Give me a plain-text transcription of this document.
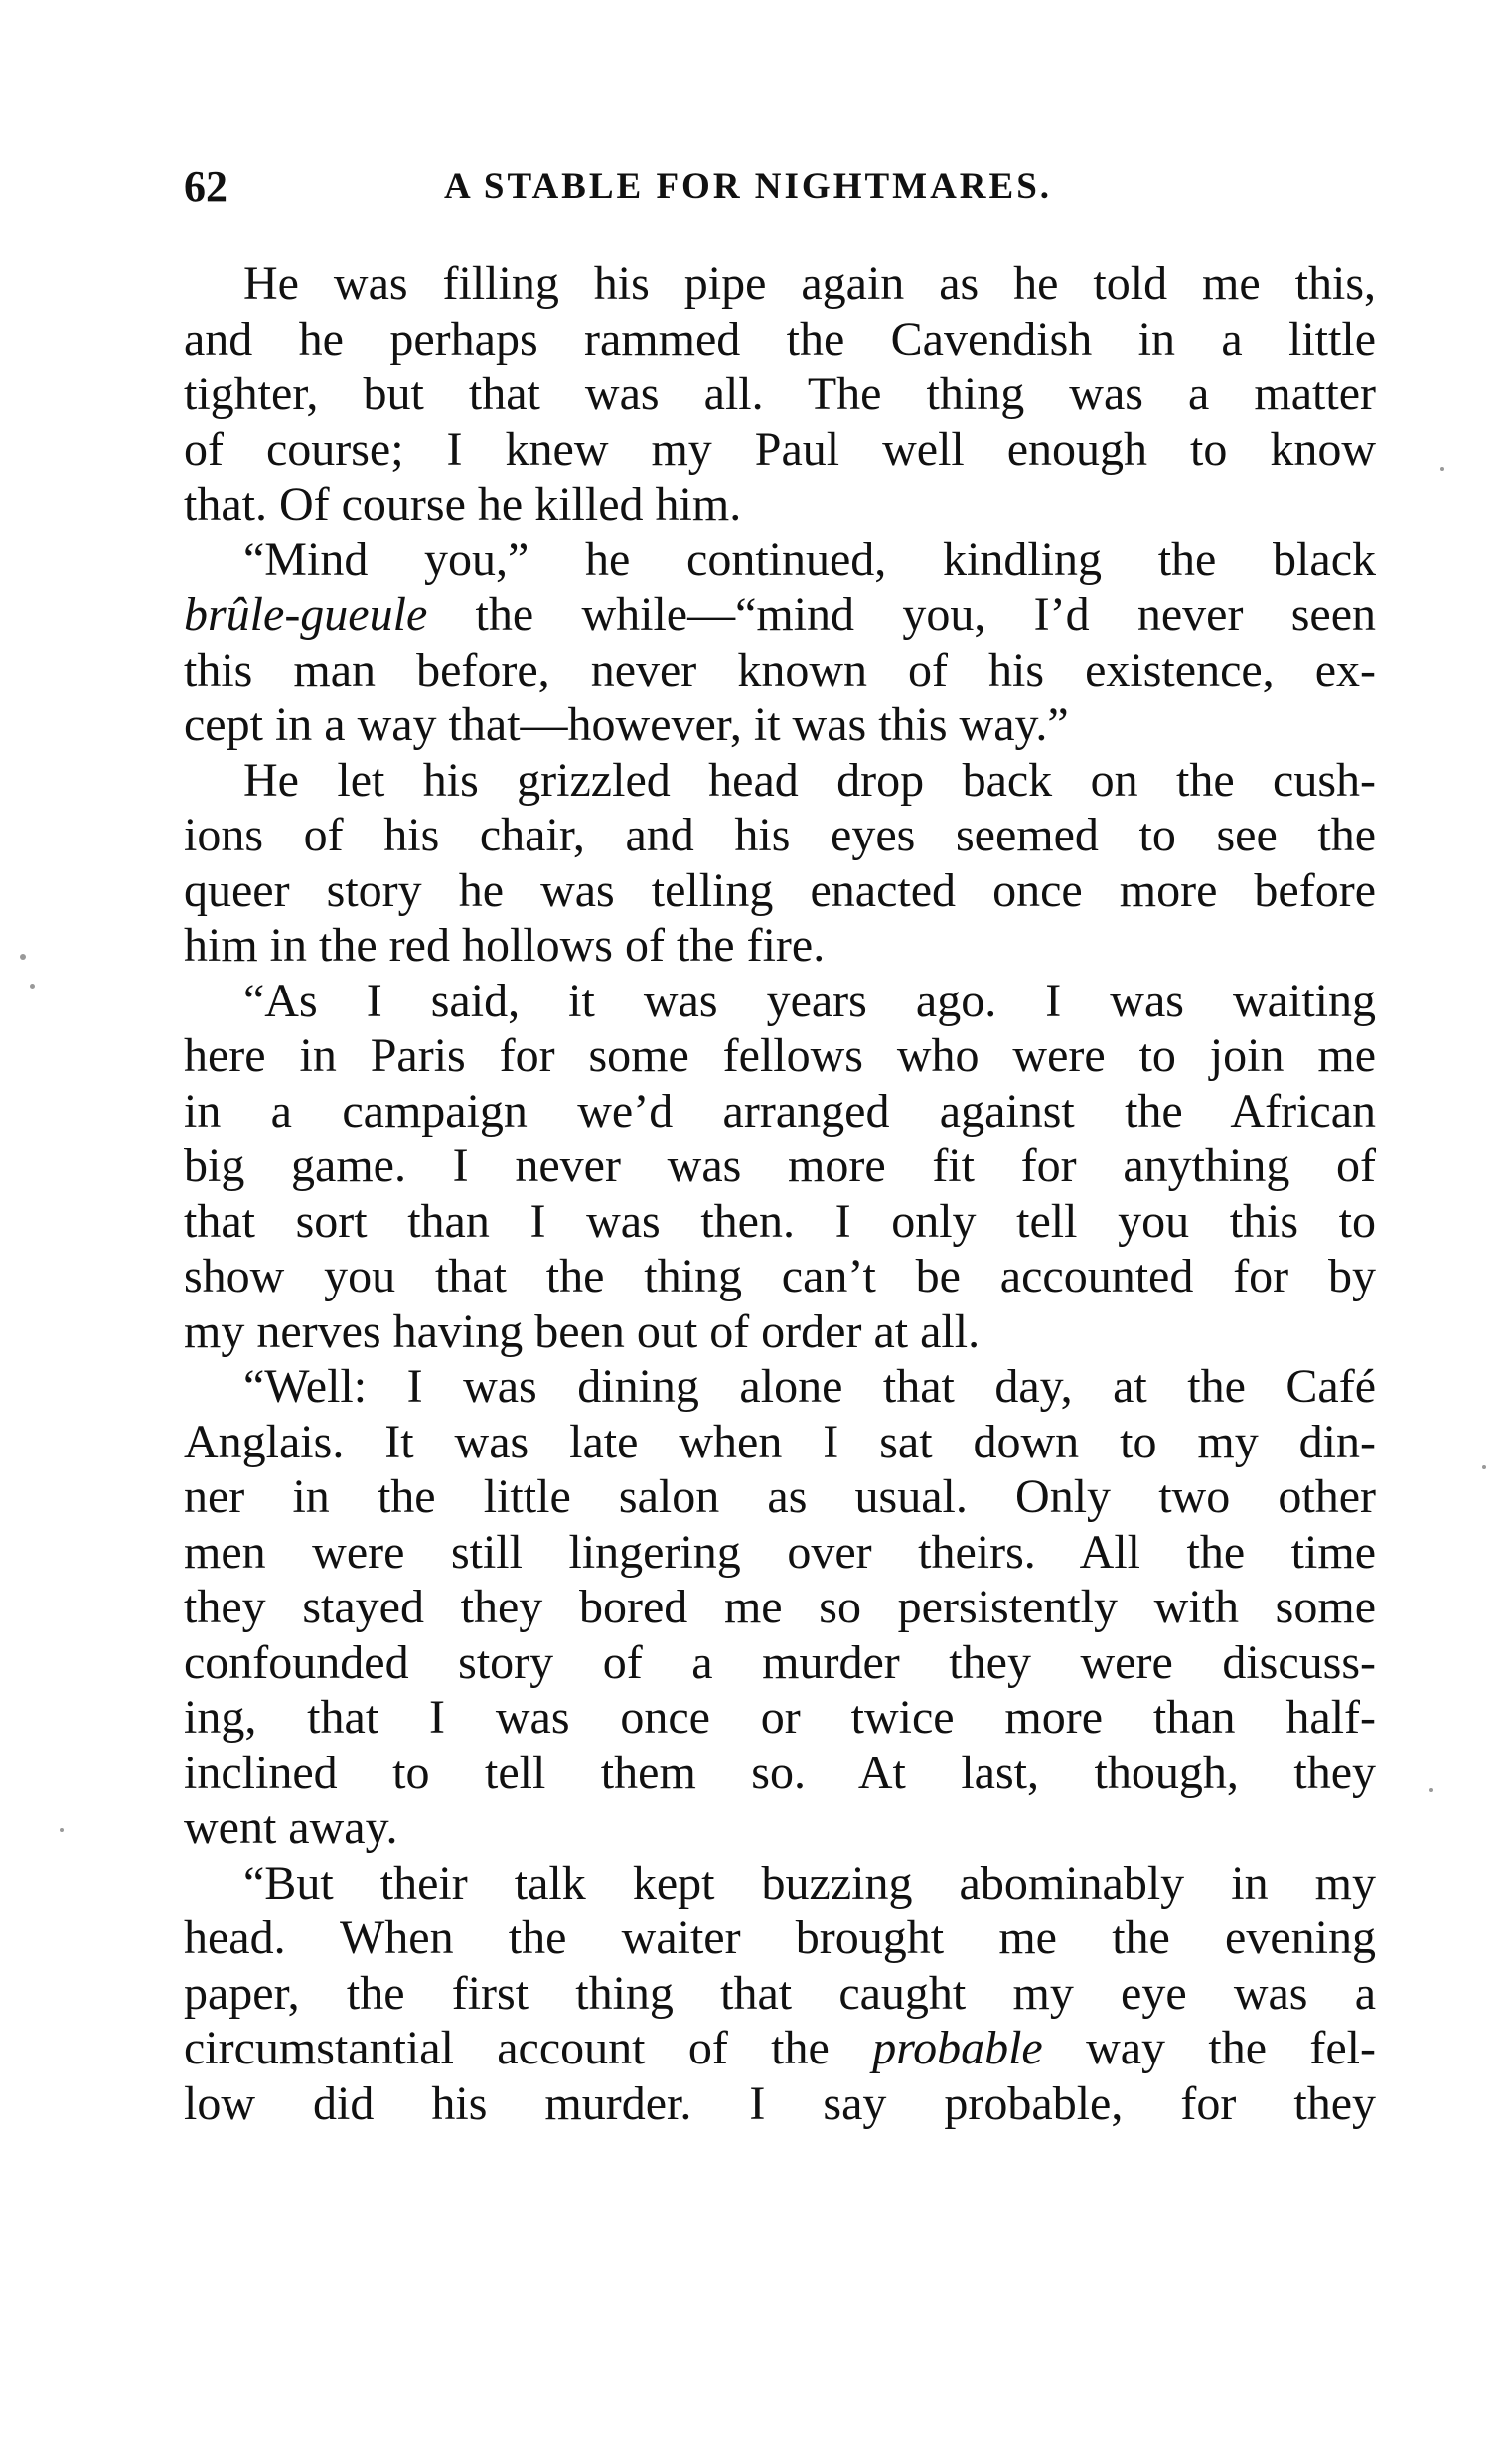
62	A STABLE FOR NIGHTMARES.
He was filling his pipe again as he told me this,
and he perhaps rammed the Cavendish in a little
tighter, but that was all. The thing was a matter
of course; I knew my Paul well enough to know
that. Of course he killed him.
“Mind you,” he continued, kindling the black
brûle-gueule the while—“mind you, I’d never seen
this man before, never known of his existence, ex-
cept in a way that—however, it was this way.”
He let his grizzled head drop back on the cush-
ions of his chair, and his eyes seemed to see the
queer story he was telling enacted once more before
him in the red hollows of the fire.
“As I said, it was years ago. I was waiting
here in Paris for some fellows who were to join me
in a campaign we’d arranged against the African
big game. I never was more fit for anything of
that sort than I was then. I only tell you this to
show you that the thing can’t be accounted for by
my nerves having been out of order at all.
“Well: I was dining alone that day, at the Café
Anglais. It was late when I sat down to my din-
ner in the little salon as usual. Only two other
men were still lingering over theirs. All the time
they stayed they bored me so persistently with some
confounded story of a murder they were discuss-
ing, that I was once or twice more than half-
inclined to tell them so. At last, though, they
went away.
“But their talk kept buzzing abominably in my
head. When the waiter brought me the evening
paper, the first thing that caught my eye was a
circumstantial account of the probable way the fel-
low did his murder. I say probable, for they
